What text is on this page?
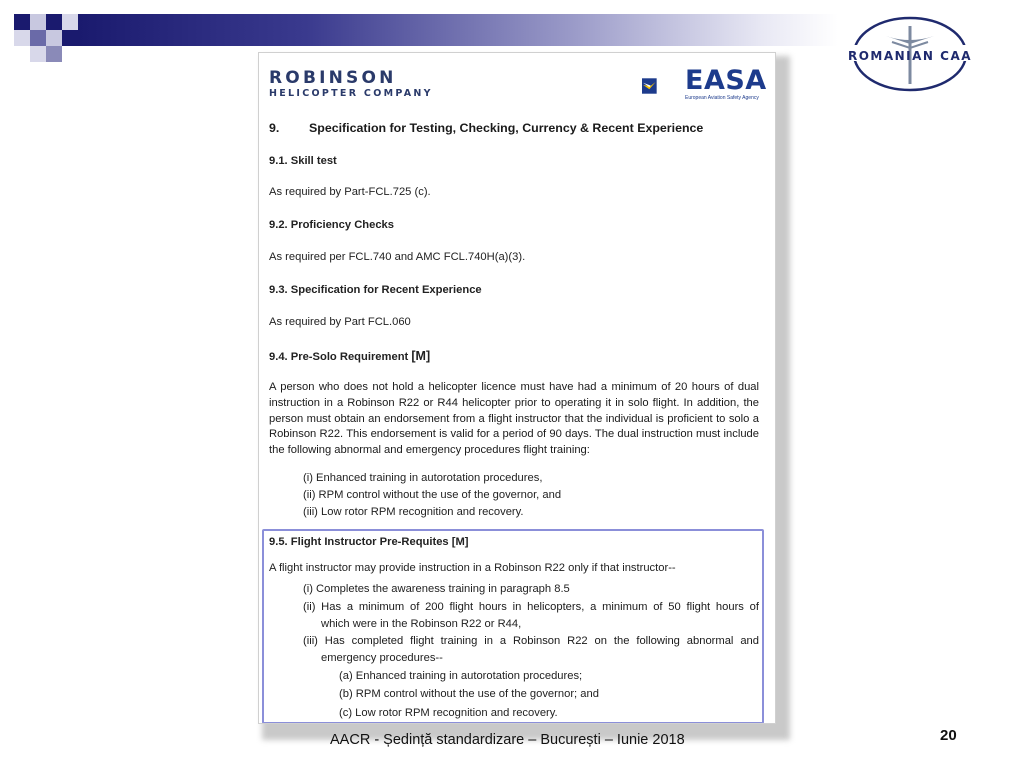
ROMANIAN CAA
ROBINSON
HELICOPTER COMPANY	EASA
European Aviation Safety Agency
9. Specification for Testing, Checking, Currency & Recent Experience
9.1. Skill test
As required by Part-FCL.725 (c).
9.2. Proficiency Checks
As required per FCL.740 and AMC FCL.740H(a)(3).
9.3. Specification for Recent Experience
As required by Part FCL.060
9.4. Pre-Solo Requirement [M]
A person who does not hold a helicopter licence must have had a minimum of 20 hours of dual instruction in a Robinson R22 or R44 helicopter prior to operating it in solo flight. In addition, the person must obtain an endorsement from a flight instructor that the individual is proficient to solo a Robinson R22. This endorsement is valid for a period of 90 days. The dual instruction must include the following abnormal and emergency procedures flight training:
(i) Enhanced training in autorotation procedures,
(ii) RPM control without the use of the governor, and
(iii) Low rotor RPM recognition and recovery.
9.5. Flight Instructor Pre-Requites [M]
A flight instructor may provide instruction in a Robinson R22 only if that instructor--
(i) Completes the awareness training in paragraph 8.5
(ii) Has a minimum of 200 flight hours in helicopters, a minimum of 50 flight hours of
which were in the Robinson R22 or R44,
(iii) Has completed flight training in a Robinson R22 on the following abnormal and
emergency procedures--
(a) Enhanced training in autorotation procedures;
(b) RPM control without the use of the governor; and
(c) Low rotor RPM recognition and recovery.
AACR - Ședință standardizare – București – Iunie 2018	20
